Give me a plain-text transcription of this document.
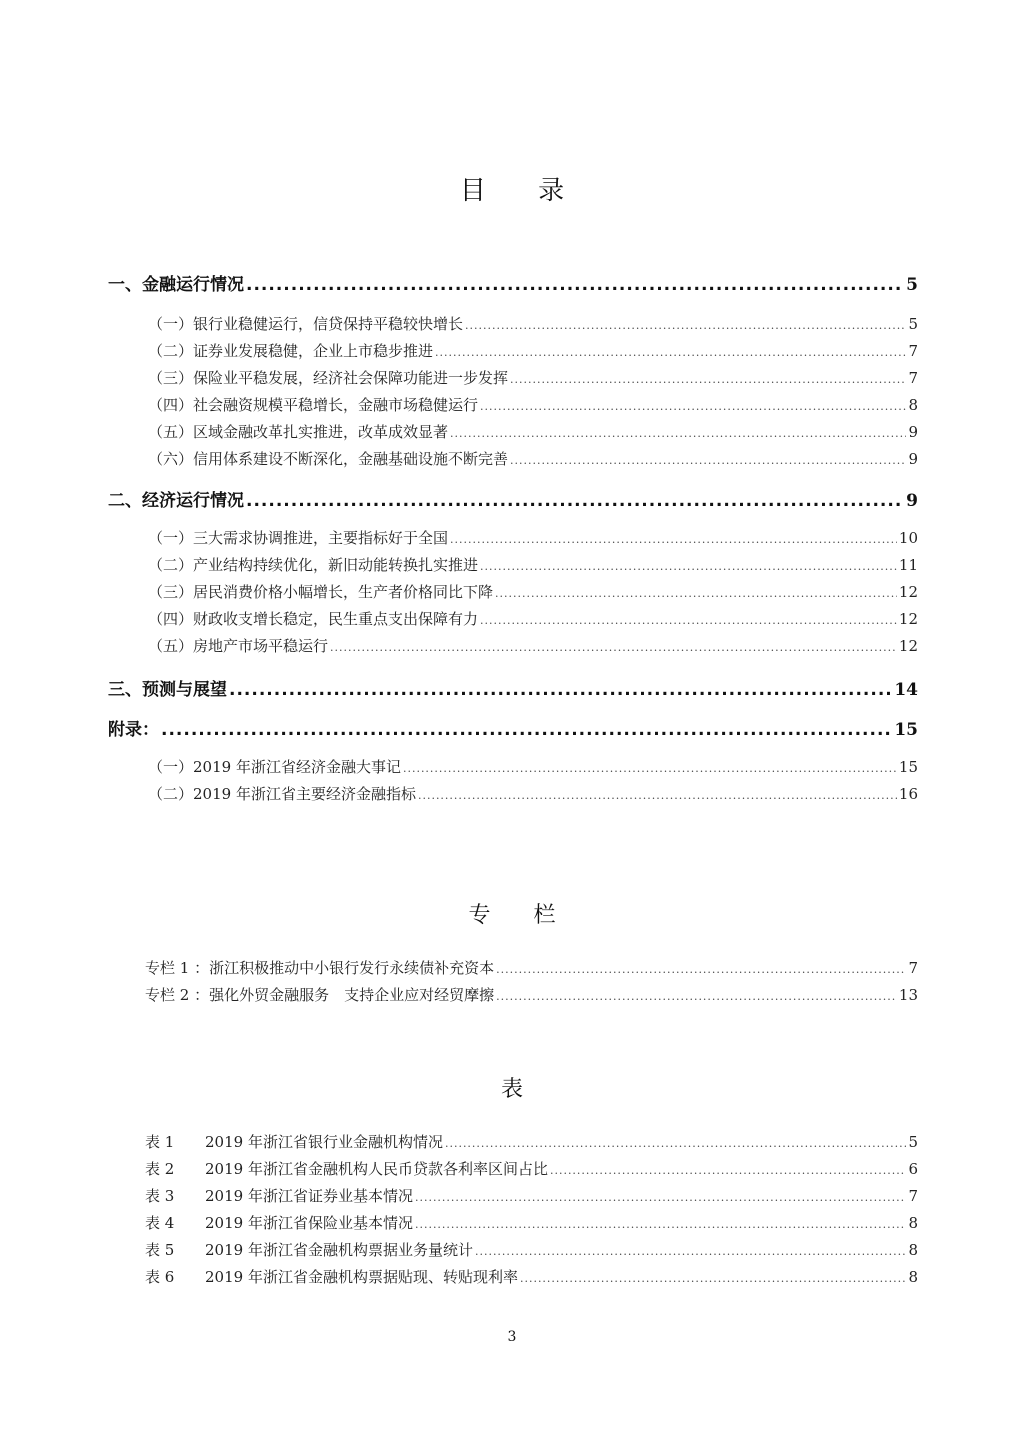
目 录
一、金融运行情况 .....	5
（一）银行业稳健运行，信贷保持平稳较快增长 .....	5
（二）证券业发展稳健，企业上市稳步推进 .....	7
（三）保险业平稳发展，经济社会保障功能进一步发挥 .....	7
（四）社会融资规模平稳增长，金融市场稳健运行 .....	8
（五）区域金融改革扎实推进，改革成效显著 .....	9
（六）信用体系建设不断深化，金融基础设施不断完善 .....	9
二、经济运行情况 .....	9
（一）三大需求协调推进，主要指标好于全国 .....	10
（二）产业结构持续优化，新旧动能转换扎实推进 .....	11
（三）居民消费价格小幅增长，生产者价格同比下降 .....	12
（四）财政收支增长稳定，民生重点支出保障有力 .....	12
（五）房地产市场平稳运行 .....	12
三、预测与展望 .....	14
附录： .....	15
（一）2019 年浙江省经济金融大事记 .....	15
（二）2019 年浙江省主要经济金融指标 .....	16
专 栏
专栏 1 ：浙江积极推动中小银行发行永续债补充资本 .....	7
专栏 2 ：强化外贸金融服务　支持企业应对经贸摩擦 .....	13
表
表 1 2019 年浙江省银行业金融机构情况 .....	5
表 2 2019 年浙江省金融机构人民币贷款各利率区间占比 .....	6
表 3 2019 年浙江省证券业基本情况 .....	7
表 4 2019 年浙江省保险业基本情况 .....	8
表 5 2019 年浙江省金融机构票据业务量统计 .....	8
表 6 2019 年浙江省金融机构票据贴现、转贴现利率 .....	8
3
